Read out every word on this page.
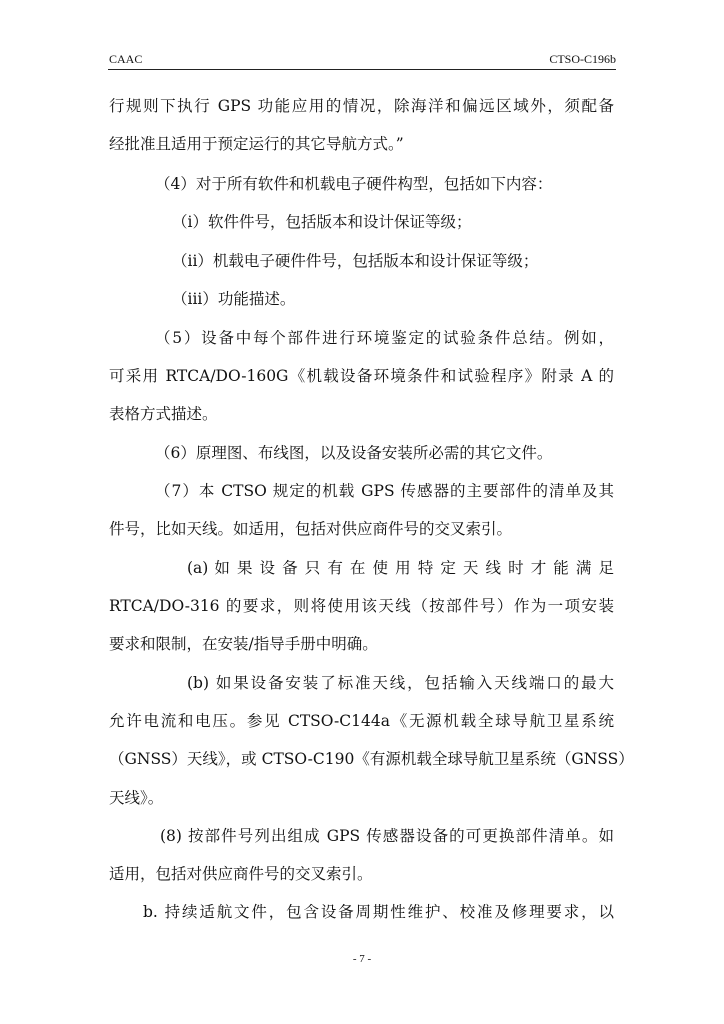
CAAC	CTSO-C196b
行规则下执行 GPS 功能应用的情况，除海洋和偏远区域外，须配备
经批准且适用于预定运行的其它导航方式。”
（4）对于所有软件和机载电子硬件构型，包括如下内容：
（i）软件件号，包括版本和设计保证等级；
（ii）机载电子硬件件号，包括版本和设计保证等级；
（iii）功能描述。
（5）设备中每个部件进行环境鉴定的试验条件总结。例如，
可采用 RTCA/DO-160G《机载设备环境条件和试验程序》附录 A 的
表格方式描述。
（6）原理图、布线图，以及设备安装所必需的其它文件。
（7）本 CTSO 规定的机载 GPS 传感器的主要部件的清单及其
件号，比如天线。如适用，包括对供应商件号的交叉索引。
(a) 如 果 设 备 只 有 在 使 用 特 定 天 线 时 才 能 满 足
RTCA/DO-316 的要求，则将使用该天线（按部件号）作为一项安装
要求和限制，在安装/指导手册中明确。
(b) 如果设备安装了标准天线，包括输入天线端口的最大
允许电流和电压。参见 CTSO-C144a《无源机载全球导航卫星系统
（GNSS）天线》，或 CTSO-C190《有源机载全球导航卫星系统（GNSS）
天线》。
(8) 按部件号列出组成 GPS 传感器设备的可更换部件清单。如
适用，包括对供应商件号的交叉索引。
b. 持续适航文件，包含设备周期性维护、校准及修理要求，以
- 7 -
